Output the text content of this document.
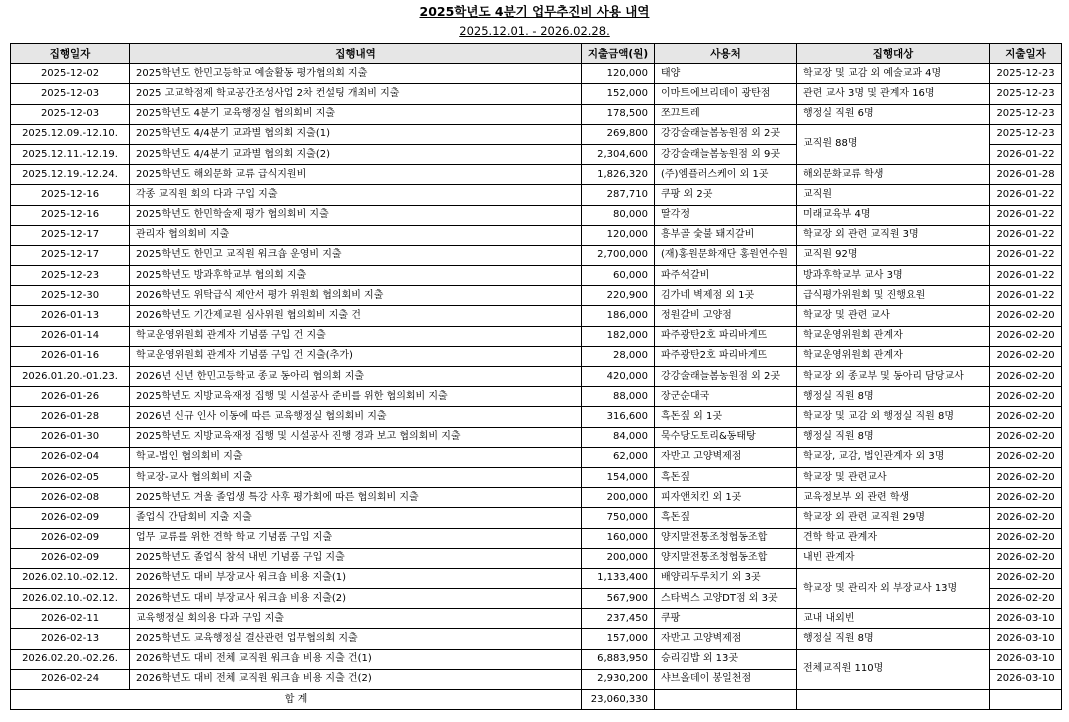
2025학년도 4분기 업무추진비 사용 내역
2025.12.01. - 2026.02.28.
집행일자	집행내역	지출금액(원)	사용처	집행대상	지출일자
2025-12-02	2025학년도 한민고등학교 예술활동 평가협의회 지출	120,000	태양	학교장 및 교감 외 예술교과 4명	2025-12-23
2025-12-03	2025 고교학점제 학교공간조성사업 2차 컨설팅 개최비 지출	152,000	이마트에브리데이 광탄점	관련 교사 3명 및 관계자 16명	2025-12-23
2025-12-03	2025학년도 4분기 교육행정실 협의회비 지출	178,500	쪼끄트레	행정실 직원 6명	2025-12-23
2025.12.09.-12.10.	2025학년도 4/4분기 교과별 협의회 지출(1)	269,800	강강술래늘봄농원점 외 2곳	교직원 88명	2025-12-23
2025.12.11.-12.19.	2025학년도 4/4분기 교과별 협의회 지출(2)	2,304,600	강강술래늘봄농원점 외 9곳		2026-01-22
2025.12.19.-12.24.	2025학년도 해외문화 교류 급식지원비	1,826,320	(주)엠플러스케이 외 1곳	해외문화교류 학생	2026-01-28
2025-12-16	각종 교직원 회의 다과 구입 지출	287,710	쿠팡 외 2곳	교직원	2026-01-22
2025-12-16	2025학년도 한민학술제 평가 협의회비 지출	80,000	딸각정	미래교육부 4명	2026-01-22
2025-12-17	관리자 협의회비 지출	120,000	흥부골 숯불 돼지갈비	학교장 외 관련 교직원 3명	2026-01-22
2025-12-17	2025학년도 한민고 교직원 워크숍 운영비 지출	2,700,000	(재)홍원문화재단 홍원연수원	교직원 92명	2026-01-22
2025-12-23	2025학년도 방과후학교부 협의회 지출	60,000	파주석갈비	방과후학교부 교사 3명	2026-01-22
2025-12-30	2026학년도 위탁급식 제안서 평가 위원회 협의회비 지출	220,900	김가네 벽제점 외 1곳	급식평가위원회 및 진행요원	2026-01-22
2026-01-13	2026학년도 기간제교원 심사위원 협의회비 지출 건	186,000	정원갈비 고양점	학교장 및 관련 교사	2026-02-20
2026-01-14	학교운영위원회 관계자 기념품 구입 건 지출	182,000	파주광탄2호 파리바게뜨	학교운영위원회 관계자	2026-02-20
2026-01-16	학교운영위원회 관계자 기념품 구입 건 지출(추가)	28,000	파주광탄2호 파리바게뜨	학교운영위원회 관계자	2026-02-20
2026.01.20.-01.23.	2026년 신년 한민고등학교 종교 동아리 협의회 지출	420,000	강강술래늘봄농원점 외 2곳	학교장 외 종교부 및 동아리 담당교사	2026-02-20
2026-01-26	2025학년도 지방교육재정 집행 및 시설공사 준비를 위한 협의회비 지출	88,000	장군순대국	행정실 직원 8명	2026-02-20
2026-01-28	2026년 신규 인사 이동에 따른 교육행정실 협의회비 지출	316,600	흑돈짚 외 1곳	학교장 및 교감 외 행정실 직원 8명	2026-02-20
2026-01-30	2025학년도 지방교육재정 집행 및 시설공사 진행 경과 보고 협의회비 지출	84,000	묵수당도토리&동태탕	행정실 직원 8명	2026-02-20
2026-02-04	학교-법인 협의회비 지출	62,000	자반고 고양벽제점	학교장, 교감, 법인관계자 외 3명	2026-02-20
2026-02-05	학교장-교사 협의회비 지출	154,000	흑돈짚	학교장 및 관련교사	2026-02-20
2026-02-08	2025학년도 겨울 졸업생 특강 사후 평가회에 따른 협의회비 지출	200,000	피자앤치킨 외 1곳	교육정보부 외 관련 학생	2026-02-20
2026-02-09	졸업식 간담회비 지출 지출	750,000	흑돈짚	학교장 외 관련 교직원 29명	2026-02-20
2026-02-09	업무 교류를 위한 견학 학교 기념품 구입 지출	160,000	양지말전통조청협동조합	견학 학교 관계자	2026-02-20
2026-02-09	2025학년도 졸업식 참석 내빈 기념품 구입 지출	200,000	양지말전통조청협동조합	내빈 관계자	2026-02-20
2026.02.10.-02.12.	2026학년도 대비 부장교사 워크숍 비용 지출(1)	1,133,400	배양리두루치기 외 3곳	학교장 및 관리자 외 부장교사 13명	2026-02-20
2026.02.10.-02.12.	2026학년도 대비 부장교사 워크숍 비용 지출(2)	567,900	스타벅스 고양DT점 외 3곳		2026-02-20
2026-02-11	교육행정실 회의용 다과 구입 지출	237,450	쿠팡	교내 내외빈	2026-03-10
2026-02-13	2025학년도 교육행정실 결산관련 업무협의회 지출	157,000	자반고 고양벽제점	행정실 직원 8명	2026-03-10
2026.02.20.-02.26.	2026학년도 대비 전체 교직원 워크숍 비용 지출 건(1)	6,883,950	승리김밥 외 13곳	전체교직원 110명	2026-03-10
2026-02-24	2026학년도 대비 전체 교직원 워크숍 비용 지출 건(2)	2,930,200	샤브올데이 봉일천점		2026-03-10
합 계		23,060,330			
